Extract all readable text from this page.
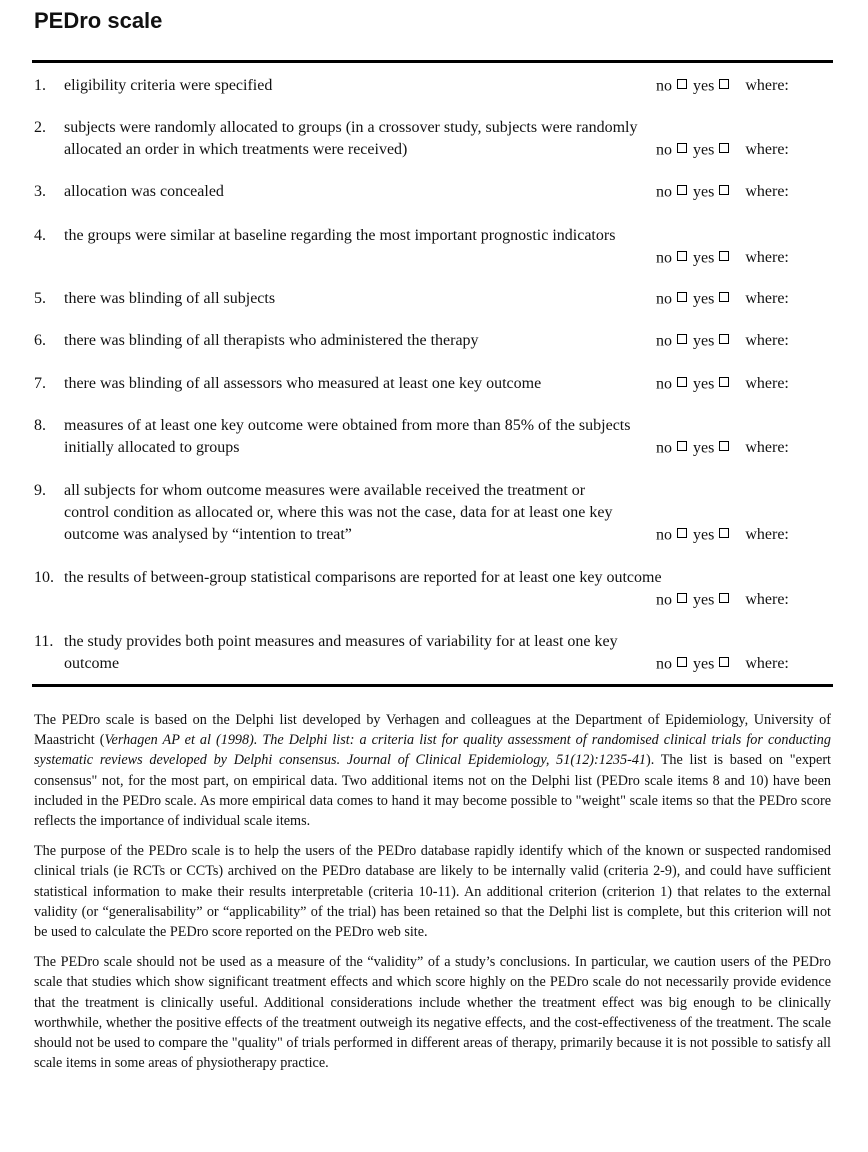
PEDro scale
1.	eligibility criteria were specified	no yes where:
2.	subjects were randomly allocated to groups (in a crossover study, subjects were randomly allocated an order in which treatments were received)	no yes where:
3.	allocation was concealed	no yes where:
4.	the groups were similar at baseline regarding the most important prognostic indicators
no yes where:
5.	there was blinding of all subjects	no yes where:
6.	there was blinding of all therapists who administered the therapy	no yes where:
7.	there was blinding of all assessors who measured at least one key outcome	no yes where:
8.	measures of at least one key outcome were obtained from more than 85% of the subjects initially allocated to groups	no yes where:
9.	all subjects for whom outcome measures were available received the treatment or control condition as allocated or, where this was not the case, data for at least one key outcome was analysed by “intention to treat”	no yes where:
10. the results of between-group statistical comparisons are reported for at least one key outcome
no yes where:
11. the study provides both point measures and measures of variability for at least one key outcome	no yes where:

The PEDro scale is based on the Delphi list developed by Verhagen and colleagues at the Department of Epidemiology, University of Maastricht (Verhagen AP et al (1998). The Delphi list: a criteria list for quality assessment of randomised clinical trials for conducting systematic reviews developed by Delphi consensus. Journal of Clinical Epidemiology, 51(12):1235-41). The list is based on "expert consensus" not, for the most part, on empirical data. Two additional items not on the Delphi list (PEDro scale items 8 and 10) have been included in the PEDro scale. As more empirical data comes to hand it may become possible to "weight" scale items so that the PEDro score reflects the importance of individual scale items.

The purpose of the PEDro scale is to help the users of the PEDro database rapidly identify which of the known or suspected randomised clinical trials (ie RCTs or CCTs) archived on the PEDro database are likely to be internally valid (criteria 2-9), and could have sufficient statistical information to make their results interpretable (criteria 10-11). An additional criterion (criterion 1) that relates to the external validity (or “generalisability” or “applicability” of the trial) has been retained so that the Delphi list is complete, but this criterion will not be used to calculate the PEDro score reported on the PEDro web site.

The PEDro scale should not be used as a measure of the “validity” of a study’s conclusions. In particular, we caution users of the PEDro scale that studies which show significant treatment effects and which score highly on the PEDro scale do not necessarily provide evidence that the treatment is clinically useful. Additional considerations include whether the treatment effect was big enough to be clinically worthwhile, whether the positive effects of the treatment outweigh its negative effects, and the cost-effectiveness of the treatment. The scale should not be used to compare the "quality" of trials performed in different areas of therapy, primarily because it is not possible to satisfy all scale items in some areas of physiotherapy practice.
